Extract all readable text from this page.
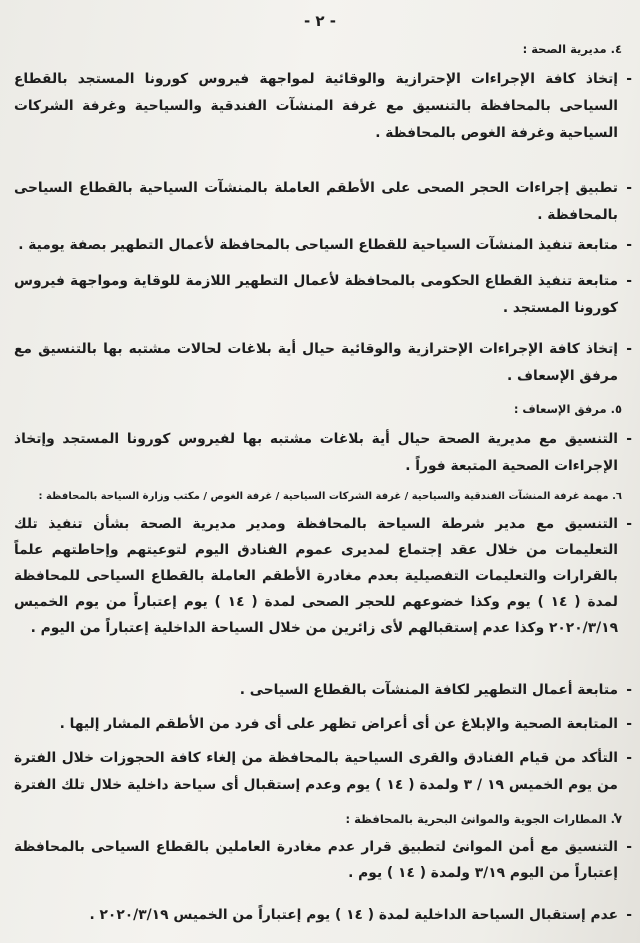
- ٢ -
٤. مديرية الصحة :
-
إتخاذ كافة الإجراءات الإحترازية والوقائية لمواجهة فيروس كورونا المستجد بالقطاع السياحى بالمحافظة بالتنسيق مع غرفة المنشآت الفندقية والسياحية وغرفة الشركات السياحية وغرفة الغوص بالمحافظة .
-
تطبيق إجراءات الحجر الصحى على الأطقم العاملة بالمنشآت السياحية بالقطاع السياحى بالمحافظة .
-
متابعة تنفيذ المنشآت السياحية للقطاع السياحى بالمحافظة لأعمال التطهير بصفة يومية .
-
متابعة تنفيذ القطاع الحكومى بالمحافظة لأعمال التطهير اللازمة للوقاية ومواجهة فيروس كورونا المستجد .
-
إتخاذ كافة الإجراءات الإحترازية والوقائية حيال أية بلاغات لحالات مشتبه بها بالتنسيق مع مرفق الإسعاف .
٥. مرفق الإسعاف :
-
التنسيق مع مديرية الصحة حيال أية بلاغات مشتبه بها لفيروس كورونا المستجد وإتخاذ الإجراءات الصحية المتبعة فوراً .
٦. مهمة غرفة المنشآت الفندقية والسياحية / غرفة الشركات السياحية / غرفة الغوص / مكتب وزارة السياحة بالمحافظة :
-
التنسيق مع مدير شرطة السياحة بالمحافظة ومدير مديرية الصحة بشأن تنفيذ تلك التعليمات من خلال عقد إجتماع لمديرى عموم الفنادق اليوم لتوعيتهم وإحاطتهم علماً بالقرارات والتعليمات التفصيلية بعدم مغادرة الأطقم العاملة بالقطاع السياحى للمحافظة لمدة ( ١٤ ) يوم وكذا خضوعهم للحجر الصحى لمدة ( ١٤ ) يوم إعتباراً من يوم الخميس ٢٠٢٠/٣/١٩ وكذا عدم إستقبالهم لأى زائرين من خلال السياحة الداخلية إعتباراً من اليوم .
-
متابعة أعمال التطهير لكافة المنشآت بالقطاع السياحى .
-
المتابعة الصحية والإبلاغ عن أى أعراض تظهر على أى فرد من الأطقم المشار إليها .
-
التأكد من قيام الفنادق والقرى السياحية بالمحافظة من إلغاء كافة الحجوزات خلال الفترة من يوم الخميس ١٩ / ٣ ولمدة ( ١٤ ) يوم وعدم إستقبال أى سياحة داخلية خلال تلك الفترة .
٧. المطارات الجوية والموانئ البحرية بالمحافظة :
-
التنسيق مع أمن الموانئ لتطبيق قرار عدم مغادرة العاملين بالقطاع السياحى بالمحافظة إعتباراً من اليوم ٣/١٩ ولمدة ( ١٤ ) يوم .
-
عدم إستقبال السياحة الداخلية لمدة ( ١٤ ) يوم إعتباراً من الخميس ٢٠٢٠/٣/١٩ .
